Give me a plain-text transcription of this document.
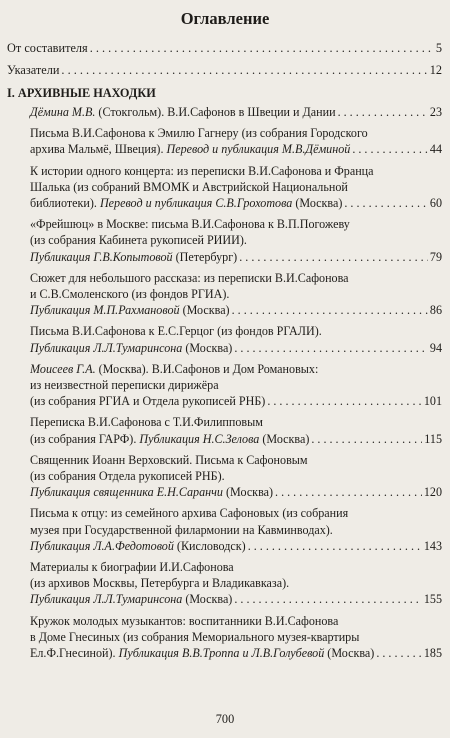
Оглавление
От составителя . . .	5
Указатели . . .	12
I. АРХИВНЫЕ НАХОДКИ
Дёмина М.В. (Стокгольм). В.И.Сафонов в Швеции и Дании . . .	23
Письма В.И.Сафонова к Эмилю Гагнеру (из собрания Городского
архива Мальмё, Швеция). Перевод и публикация М.В.Дёминой . . .	44
К истории одного концерта: из переписки В.И.Сафонова и Франца
Шалька (из собраний ВМОМК и Австрийской Национальной
библиотеки). Перевод и публикация С.В.Грохотова (Москва) . . .	60
«Фрейшюц» в Москве: письма В.И.Сафонова к В.П.Погожеву
(из собрания Кабинета рукописей РИИИ).
Публикация Г.В.Копытовой (Петербург) . . .	79
Сюжет для небольшого рассказа: из переписки В.И.Сафонова
и С.В.Смоленского (из фондов РГИА).
Публикация М.П.Рахмановой (Москва) . . .	86
Письма В.И.Сафонова к Е.С.Герцог (из фондов РГАЛИ).
Публикация Л.Л.Тумаринсона (Москва) . . .	94
Моисеев Г.А. (Москва). В.И.Сафонов и Дом Романовых:
из неизвестной переписки дирижёра
(из собрания РГИА и Отдела рукописей РНБ) . . .	101
Переписка В.И.Сафонова с Т.И.Филипповым
(из собрания ГАРФ). Публикация Н.С.Зелова (Москва) . . .	115
Священник Иоанн Верховский. Письма к Сафоновым
(из собрания Отдела рукописей РНБ).
Публикация священника Е.Н.Саранчи (Москва) . . .	120
Письма к отцу: из семейного архива Сафоновых (из собрания
музея при Государственной филармонии на Кавминводах).
Публикация Л.А.Федотовой (Кисловодск) . . .	143
Материалы к биографии И.И.Сафонова
(из архивов Москвы, Петербурга и Владикавказа).
Публикация Л.Л.Тумаринсона (Москва) . . .	155
Кружок молодых музыкантов: воспитанники В.И.Сафонова
в Доме Гнесиных (из собрания Мемориального музея-квартиры
Ел.Ф.Гнесиной). Публикация В.В.Троппа и Л.В.Голубевой (Москва) . . .	185
700
